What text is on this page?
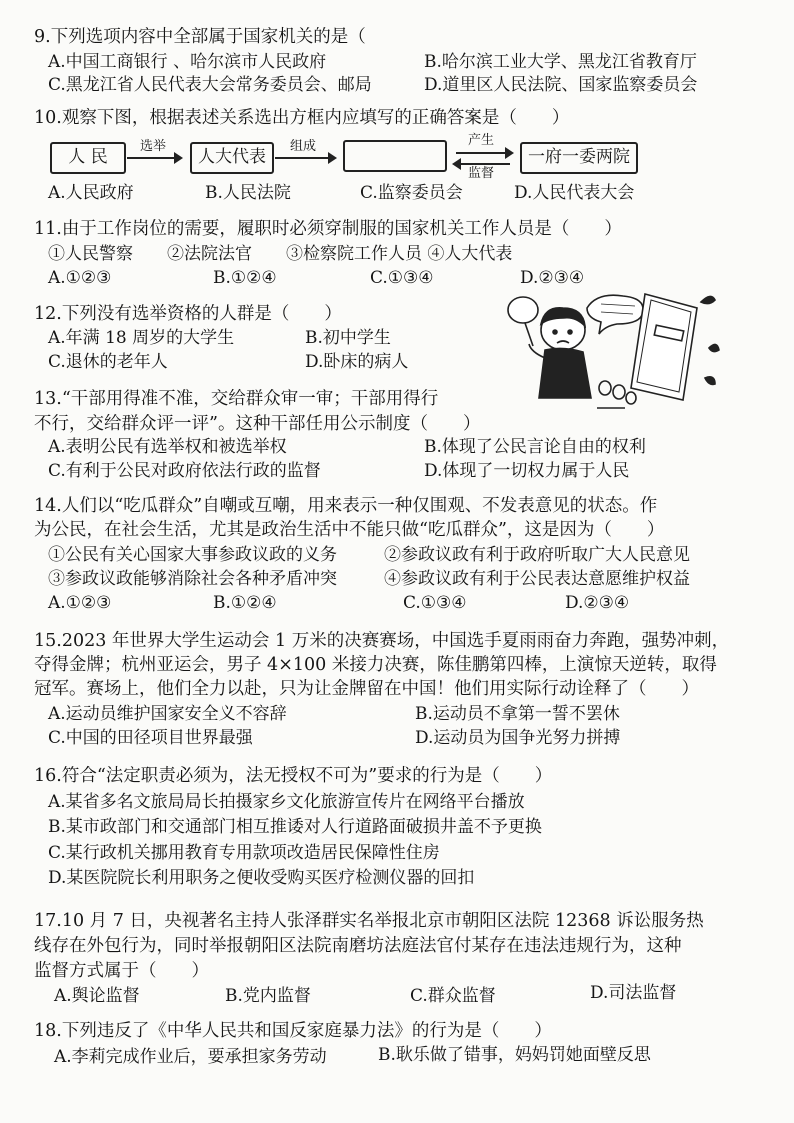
9.下列选项内容中全部属于国家机关的是（
A.中国工商银行 、哈尔滨市人民政府	B.哈尔滨工业大学、黑龙江省教育厅
C.黑龙江省人民代表大会常务委员会、邮局	D.道里区人民法院、国家监察委员会
10.观察下图，根据表述关系选出方框内应填写的正确答案是（　　）
人 民
选举
人大代表
组成	产生
监督
一府一委两院
A.人民政府	B.人民法院	C.监察委员会	D.人民代表大会
11.由于工作岗位的需要，履职时必须穿制服的国家机关工作人员是（　　）
①人民警察　　②法院法官　　③检察院工作人员 ④人大代表
A.①②③	B.①②④	C.①③④	D.②③④
12.下列没有选举资格的人群是（　　）
A.年满 18 周岁的大学生	B.初中学生
C.退休的老年人	D.卧床的病人
13.“干部用得准不准，交给群众审一审；干部用得行
不行，交给群众评一评”。这种干部任用公示制度（　　）
A.表明公民有选举权和被选举权	B.体现了公民言论自由的权利
C.有利于公民对政府依法行政的监督	D.体现了一切权力属于人民
14.人们以“吃瓜群众”自嘲或互嘲，用来表示一种仅围观、不发表意见的状态。作
为公民，在社会生活，尤其是政治生活中不能只做“吃瓜群众”，这是因为（　　）
①公民有关心国家大事参政议政的义务	②参政议政有利于政府听取广大人民意见
③参政议政能够消除社会各种矛盾冲突	④参政议政有利于公民表达意愿维护权益
A.①②③	B.①②④	C.①③④	D.②③④
15.2023 年世界大学生运动会 1 万米的决赛赛场，中国选手夏雨雨奋力奔跑，强势冲刺，
夺得金牌；杭州亚运会，男子 4×100 米接力决赛，陈佳鹏第四棒，上演惊天逆转，取得
冠军。赛场上，他们全力以赴，只为让金牌留在中国！他们用实际行动诠释了（　　）
A.运动员维护国家安全义不容辞	B.运动员不拿第一誓不罢休
C.中国的田径项目世界最强	D.运动员为国争光努力拼搏
16.符合“法定职责必须为，法无授权不可为”要求的行为是（　　）
A.某省多名文旅局局长拍摄家乡文化旅游宣传片在网络平台播放
B.某市政部门和交通部门相互推诿对人行道路面破损井盖不予更换
C.某行政机关挪用教育专用款项改造居民保障性住房
D.某医院院长利用职务之便收受购买医疗检测仪器的回扣
17.10 月 7 日，央视著名主持人张泽群实名举报北京市朝阳区法院 12368 诉讼服务热
线存在外包行为，同时举报朝阳区法院南磨坊法庭法官付某存在违法违规行为，这种
监督方式属于（　　）
A.舆论监督	B.党内监督	C.群众监督	D.司法监督
18.下列违反了《中华人民共和国反家庭暴力法》的行为是（　　）
A.李莉完成作业后，要承担家务劳动	B.耿乐做了错事，妈妈罚她面壁反思
